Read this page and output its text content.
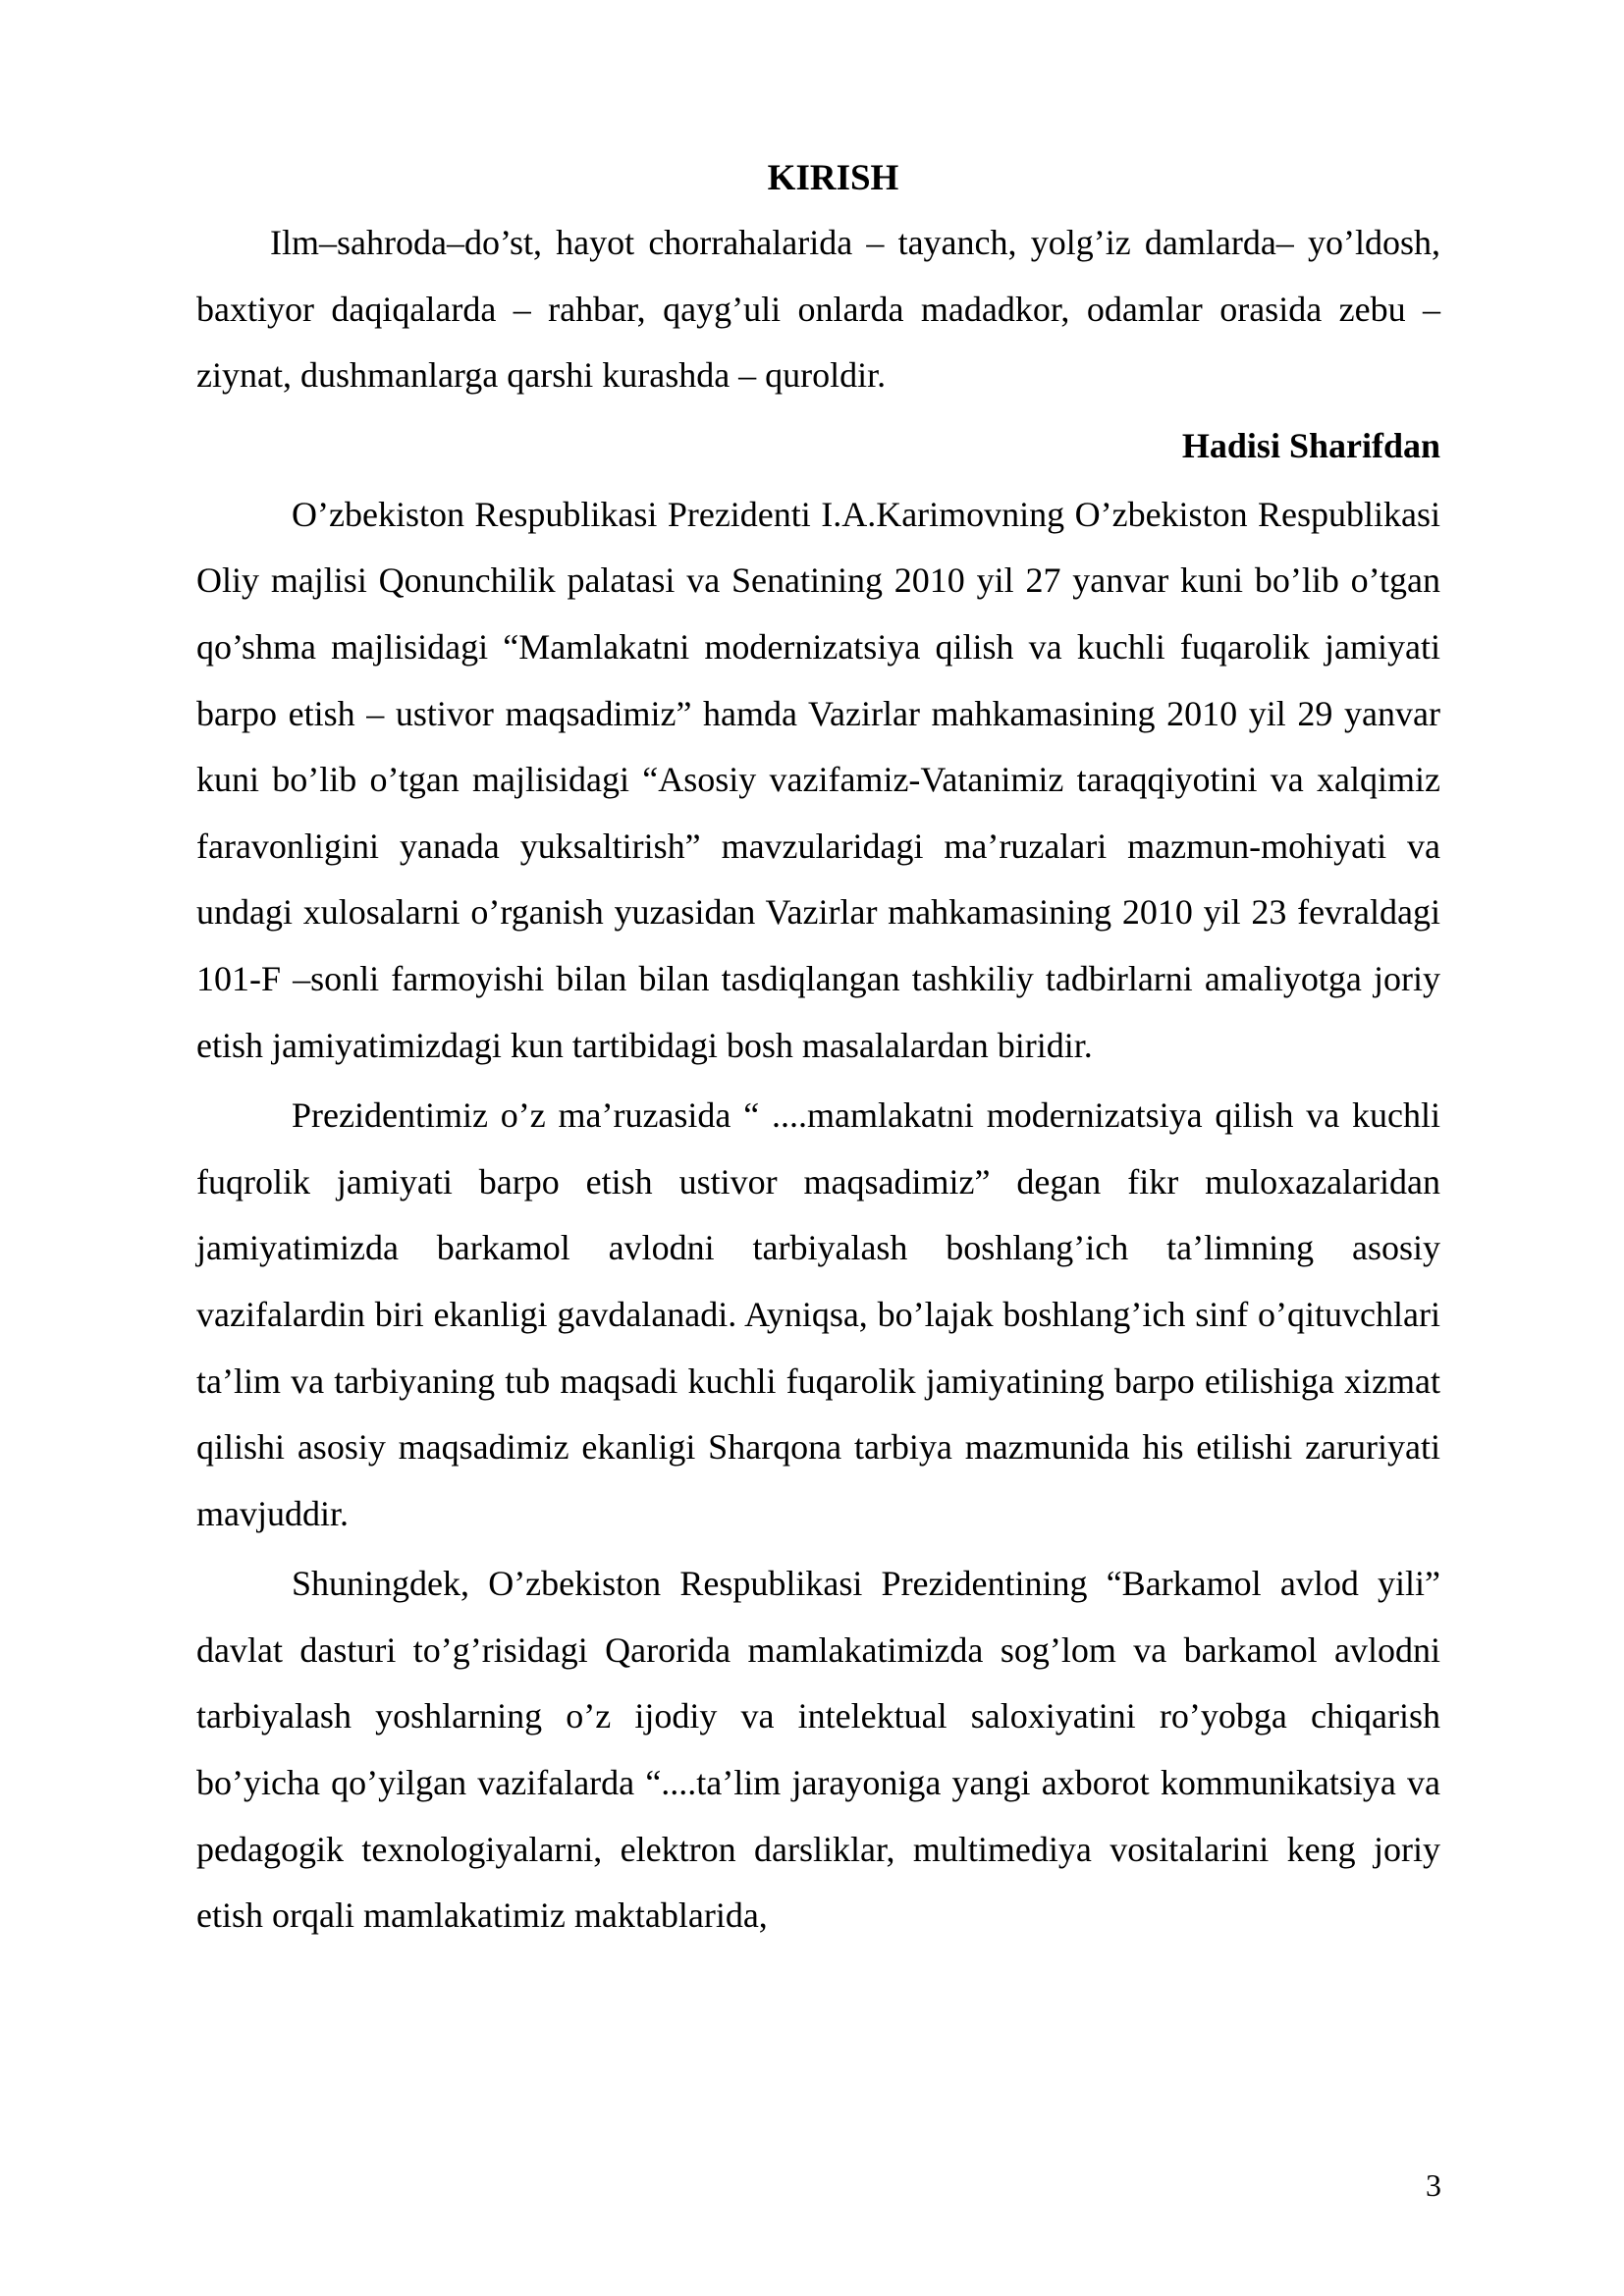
KIRISH

Ilm–sahroda–do’st, hayot chorrahalarida – tayanch, yolg’iz damlarda– yo’ldosh, baxtiyor daqiqalarda – rahbar, qayg’uli onlarda madadkor, odamlar orasida zebu – ziynat, dushmanlarga qarshi kurashda – quroldir.

Hadisi Sharifdan

O’zbekiston Respublikasi Prezidenti I.A.Karimovning O’zbekiston Respublikasi Oliy majlisi Qonunchilik palatasi va Senatining 2010 yil 27 yanvar kuni bo’lib o’tgan qo’shma majlisidagi “Mamlakatni modernizatsiya qilish va kuchli fuqarolik jamiyati barpo etish – ustivor maqsadimiz” hamda Vazirlar mahkamasining 2010 yil 29 yanvar kuni bo’lib o’tgan majlisidagi “Asosiy vazifamiz-Vatanimiz taraqqiyotini va xalqimiz faravonligini yanada yuksaltirish” mavzularidagi ma’ruzalari mazmun-mohiyati va undagi xulosalarni o’rganish yuzasidan Vazirlar mahkamasining 2010 yil 23 fevraldagi 101-F –sonli farmoyishi bilan bilan tasdiqlangan tashkiliy tadbirlarni amaliyotga joriy etish jamiyatimizdagi kun tartibidagi bosh masalalardan biridir.

Prezidentimiz o’z ma’ruzasida “ ....mamlakatni modernizatsiya qilish va kuchli fuqrolik jamiyati barpo etish ustivor maqsadimiz” degan fikr muloxazalaridan jamiyatimizda barkamol avlodni tarbiyalash boshlang’ich ta’limning asosiy vazifalardin biri ekanligi gavdalanadi. Ayniqsa, bo’lajak boshlang’ich sinf o’qituvchlari ta’lim va tarbiyaning tub maqsadi kuchli fuqarolik jamiyatining barpo etilishiga xizmat qilishi asosiy maqsadimiz ekanligi Sharqona tarbiya mazmunida his etilishi zaruriyati mavjuddir.

Shuningdek, O’zbekiston Respublikasi Prezidentining “Barkamol avlod yili” davlat dasturi to’g’risidagi Qarorida mamlakatimizda sog’lom va barkamol avlodni tarbiyalash yoshlarning o’z ijodiy va intelektual saloxiyatini ro’yobga chiqarish bo’yicha qo’yilgan vazifalarda “....ta’lim jarayoniga yangi axborot kommunikatsiya va pedagogik texnologiyalarni, elektron darsliklar, multimediya vositalarini keng joriy etish orqali mamlakatimiz maktablarida,

3
